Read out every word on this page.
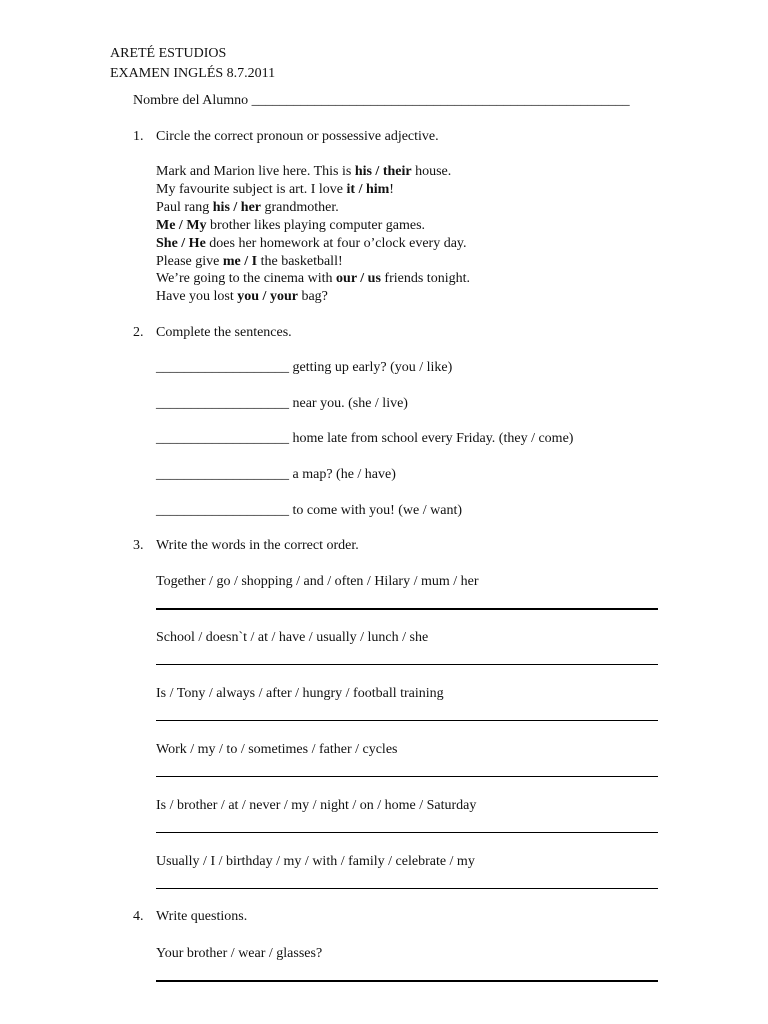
ARETÉ ESTUDIOS
EXAMEN INGLÉS 8.7.2011
Nombre del Alumno ______________________________________________________
1. Circle the correct pronoun or possessive adjective.
Mark and Marion live here. This is his / their house.
My favourite subject is art. I love it / him!
Paul rang his / her grandmother.
Me / My brother likes playing computer games.
She / He does her homework at four o’clock every day.
Please give me / I the basketball!
We’re going to the cinema with our / us friends tonight.
Have you lost you / your bag?
2. Complete the sentences.
___________________ getting up early? (you / like)
___________________ near you. (she / live)
___________________ home late from school every Friday. (they / come)
___________________ a map? (he / have)
___________________ to come with you! (we / want)
3. Write the words in the correct order.
Together / go / shopping / and / often / Hilary / mum / her
School / doesn`t / at / have / usually / lunch / she
Is / Tony / always / after / hungry / football training
Work / my / to / sometimes / father / cycles
Is / brother / at / never / my / night / on / home / Saturday
Usually / I / birthday / my / with / family / celebrate / my
4. Write questions.
Your brother / wear / glasses?
